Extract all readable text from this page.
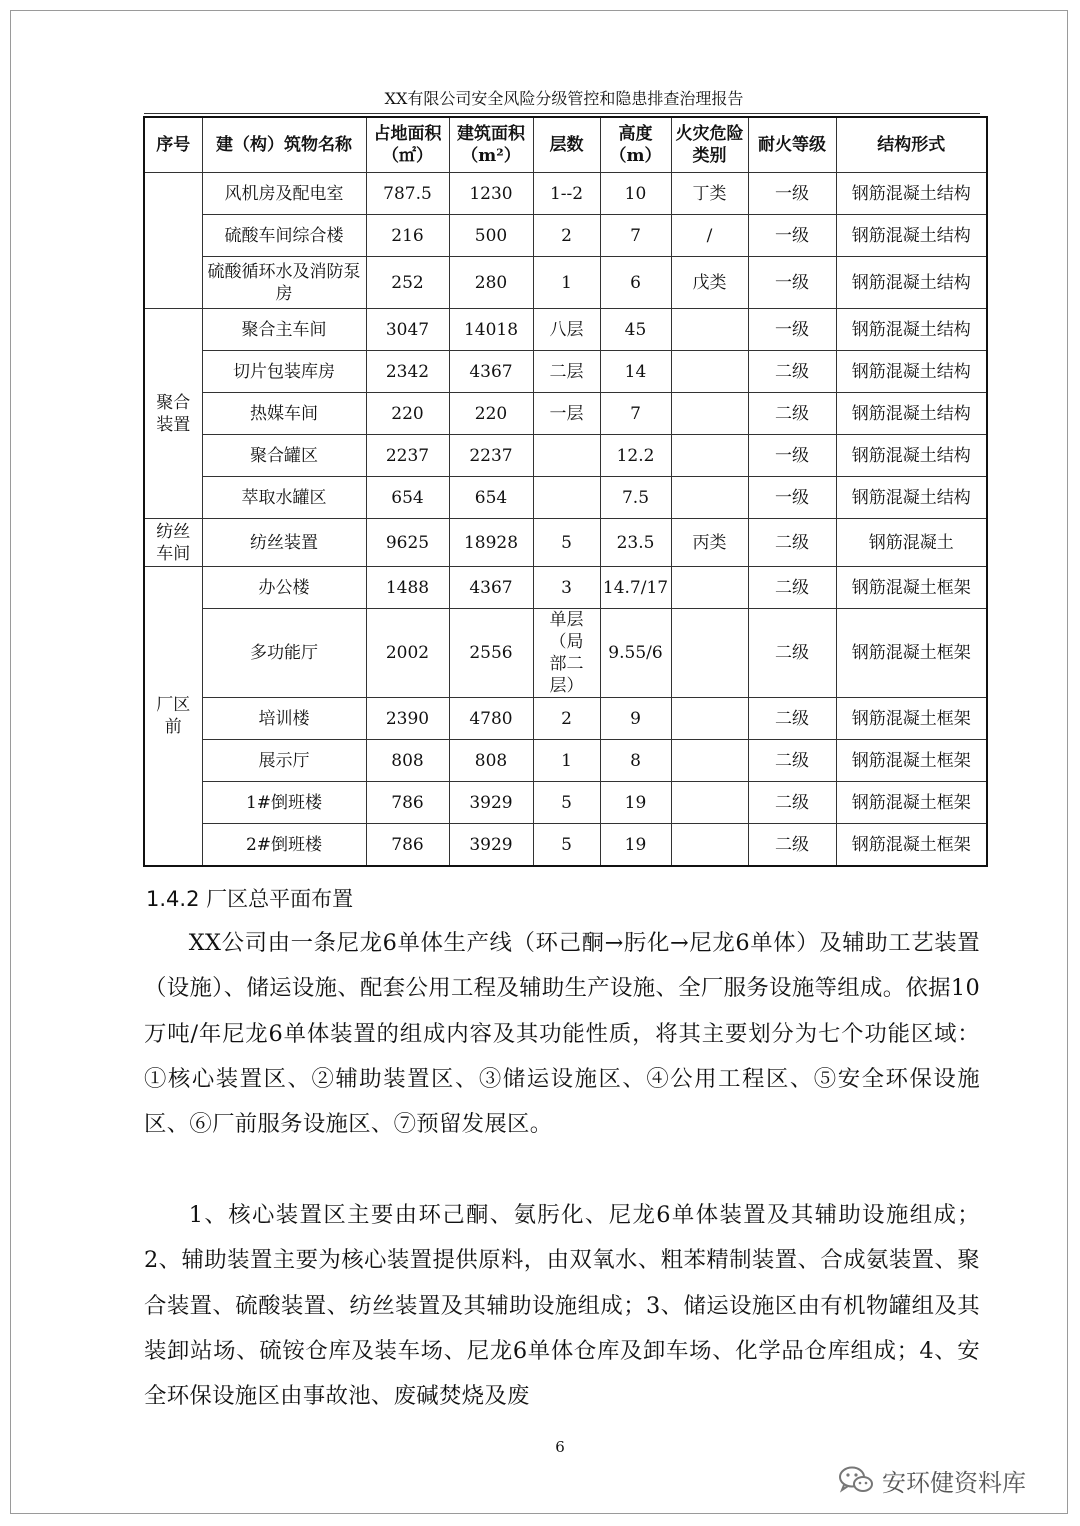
XX有限公司安全风险分级管控和隐患排查治理报告
序号	建（构）筑物名称	占地面积（㎡）	建筑面积（m²）	层数	高度（m）	火灾危险类别	耐火等级	结构形式
	风机房及配电室	787.5	1230	1--2	10	丁类	一级	钢筋混凝土结构
	硫酸车间综合楼	216	500	2	7	/	一级	钢筋混凝土结构
	硫酸循环水及消防泵房	252	280	1	6	戊类	一级	钢筋混凝土结构
聚合装置	聚合主车间	3047	14018	八层	45		一级	钢筋混凝土结构
	切片包装库房	2342	4367	二层	14		二级	钢筋混凝土结构
	热媒车间	220	220	一层	7		二级	钢筋混凝土结构
	聚合罐区	2237	2237		12.2		一级	钢筋混凝土结构
	萃取水罐区	654	654		7.5		一级	钢筋混凝土结构
纺丝车间	纺丝装置	9625	18928	5	23.5	丙类	二级	钢筋混凝土
厂区前	办公楼	1488	4367	3	14.7/17		二级	钢筋混凝土框架
	多功能厅	2002	2556	单层（局部二层）	9.55/6		二级	钢筋混凝土框架
	培训楼	2390	4780	2	9		二级	钢筋混凝土框架
	展示厅	808	808	1	8		二级	钢筋混凝土框架
	1#倒班楼	786	3929	5	19		二级	钢筋混凝土框架
	2#倒班楼	786	3929	5	19		二级	钢筋混凝土框架
1.4.2 厂区总平面布置

XX公司由一条尼龙6单体生产线（环己酮→肟化→尼龙6单体）及辅助工艺装置（设施）、储运设施、配套公用工程及辅助生产设施、全厂服务设施等组成。依据10万吨/年尼龙6单体装置的组成内容及其功能性质，将其主要划分为七个功能区域：①核心装置区、②辅助装置区、③储运设施区、④公用工程区、⑤安全环保设施区、⑥厂前服务设施区、⑦预留发展区。

1、核心装置区主要由环己酮、氨肟化、尼龙6单体装置及其辅助设施组成；2、辅助装置主要为核心装置提供原料，由双氧水、粗苯精制装置、合成氨装置、聚合装置、硫酸装置、纺丝装置及其辅助设施组成；3、储运设施区由有机物罐组及其装卸站场、硫铵仓库及装车场、尼龙6单体仓库及卸车场、化学品仓库组成；4、安全环保设施区由事故池、废碱焚烧及废

6
安环健资料库
